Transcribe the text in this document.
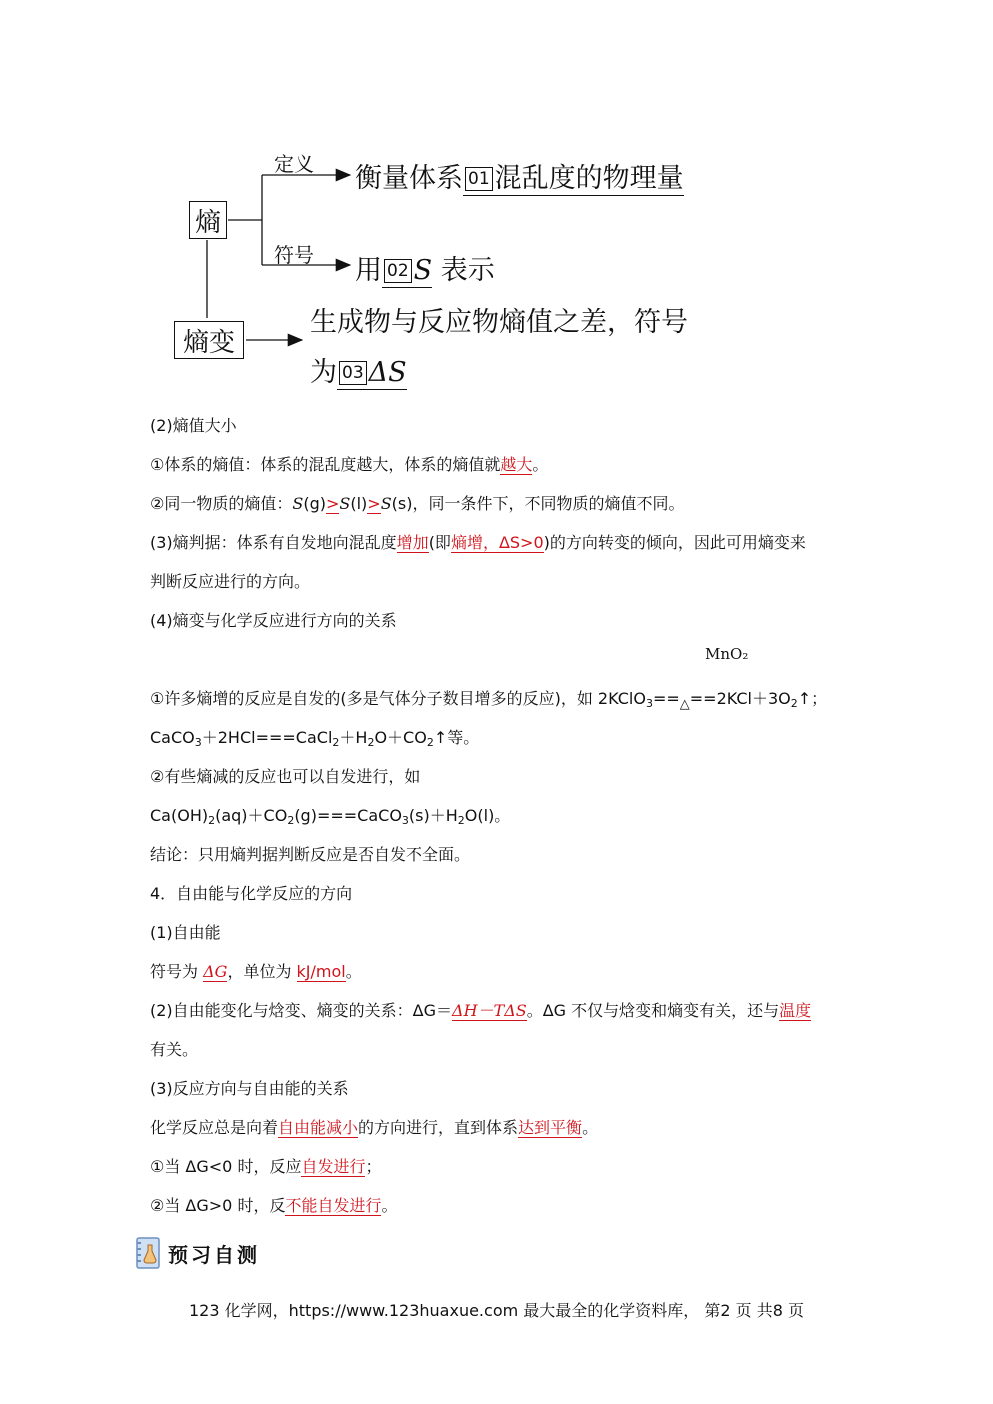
熵
熵变
定义
符号
衡量体系 01 混乱度的物理量
用 02 S 表示
生成物与反应物熵值之差，符号
为 03 ΔS
(2)熵值大小
①体系的熵值：体系的混乱度越大，体系的熵值就越大。
②同一物质的熵值：S(g)>S(l)>S(s)，同一条件下，不同物质的熵值不同。
(3)熵判据：体系有自发地向混乱度增加(即熵增，ΔS>0)的方向转变的倾向，因此可用熵变来
判断反应进行的方向。
(4)熵变与化学反应进行方向的关系
MnO₂
①许多熵增的反应是自发的(多是气体分子数目增多的反应)，如 $2KClO_3==_\triangle==2KCl+3O_2↑$；
$CaCO_3+2HCl===CaCl_2+H_2O+CO_2↑$等。
②有些熵减的反应也可以自发进行，如
$Ca(OH)_2(aq)+CO_2(g)===CaCO_3(s)+H_2O(l)$。
结论：只用熵判据判断反应是否自发不全面。
4．自由能与化学反应的方向
(1)自由能
符号为 ΔG，单位为 kJ/mol。
(2)自由能变化与焓变、熵变的关系：ΔG＝ΔH－TΔS。ΔG 不仅与焓变和熵变有关，还与温度
有关。
(3)反应方向与自由能的关系
化学反应总是向着自由能减小的方向进行，直到体系达到平衡。
①当 ΔG<0 时，反应自发进行；
②当 ΔG>0 时，反不能自发进行。
预习自测
123 化学网，https://www.123huaxue.com 最大最全的化学资料库， 第2 页 共8 页
